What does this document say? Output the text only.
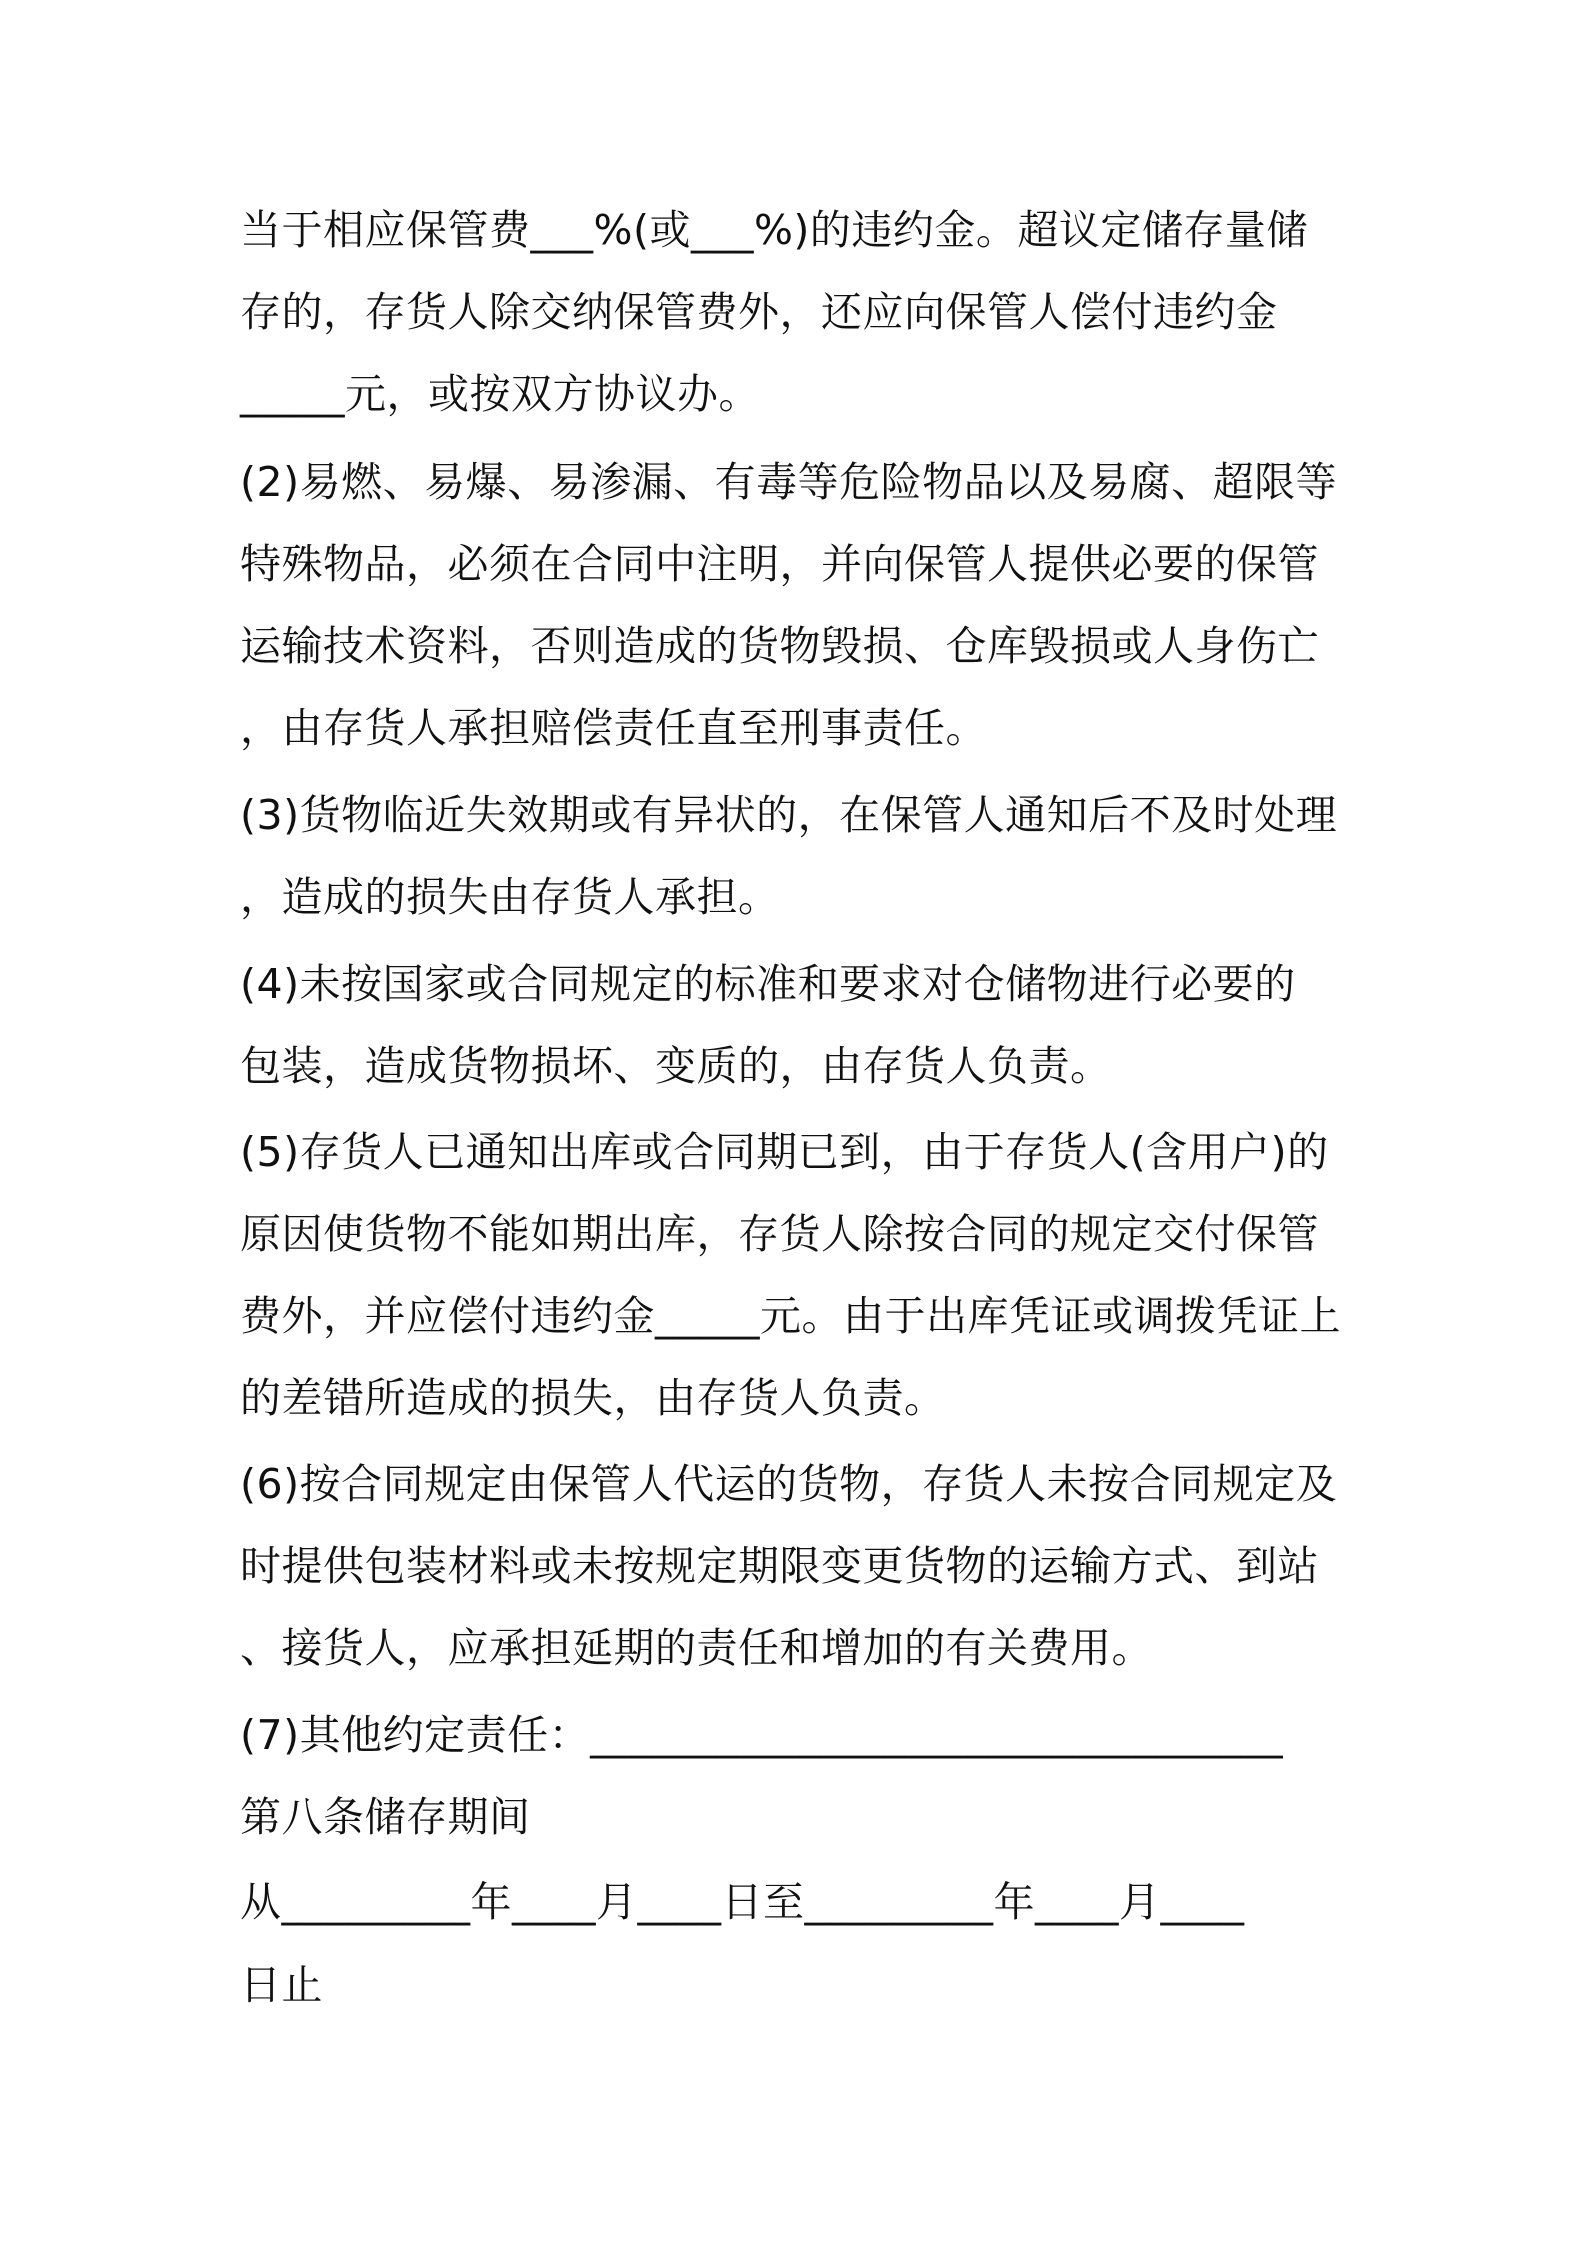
当于相应保管费___%(或___%)的违约金。超议定储存量储
存的，存货人除交纳保管费外，还应向保管人偿付违约金
_____元，或按双方协议办。
(2)易燃、易爆、易渗漏、有毒等危险物品以及易腐、超限等
特殊物品，必须在合同中注明，并向保管人提供必要的保管
运输技术资料，否则造成的货物毁损、仓库毁损或人身伤亡
，由存货人承担赔偿责任直至刑事责任。
(3)货物临近失效期或有异状的，在保管人通知后不及时处理
，造成的损失由存货人承担。
(4)未按国家或合同规定的标准和要求对仓储物进行必要的
包装，造成货物损坏、变质的，由存货人负责。
(5)存货人已通知出库或合同期已到，由于存货人(含用户)的
原因使货物不能如期出库，存货人除按合同的规定交付保管
费外，并应偿付违约金_____元。由于出库凭证或调拨凭证上
的差错所造成的损失，由存货人负责。
(6)按合同规定由保管人代运的货物，存货人未按合同规定及
时提供包装材料或未按规定期限变更货物的运输方式、到站
、接货人，应承担延期的责任和增加的有关费用。
(7)其他约定责任：_________________________________
第八条储存期间
从_________年____月____日至_________年____月____
日止
